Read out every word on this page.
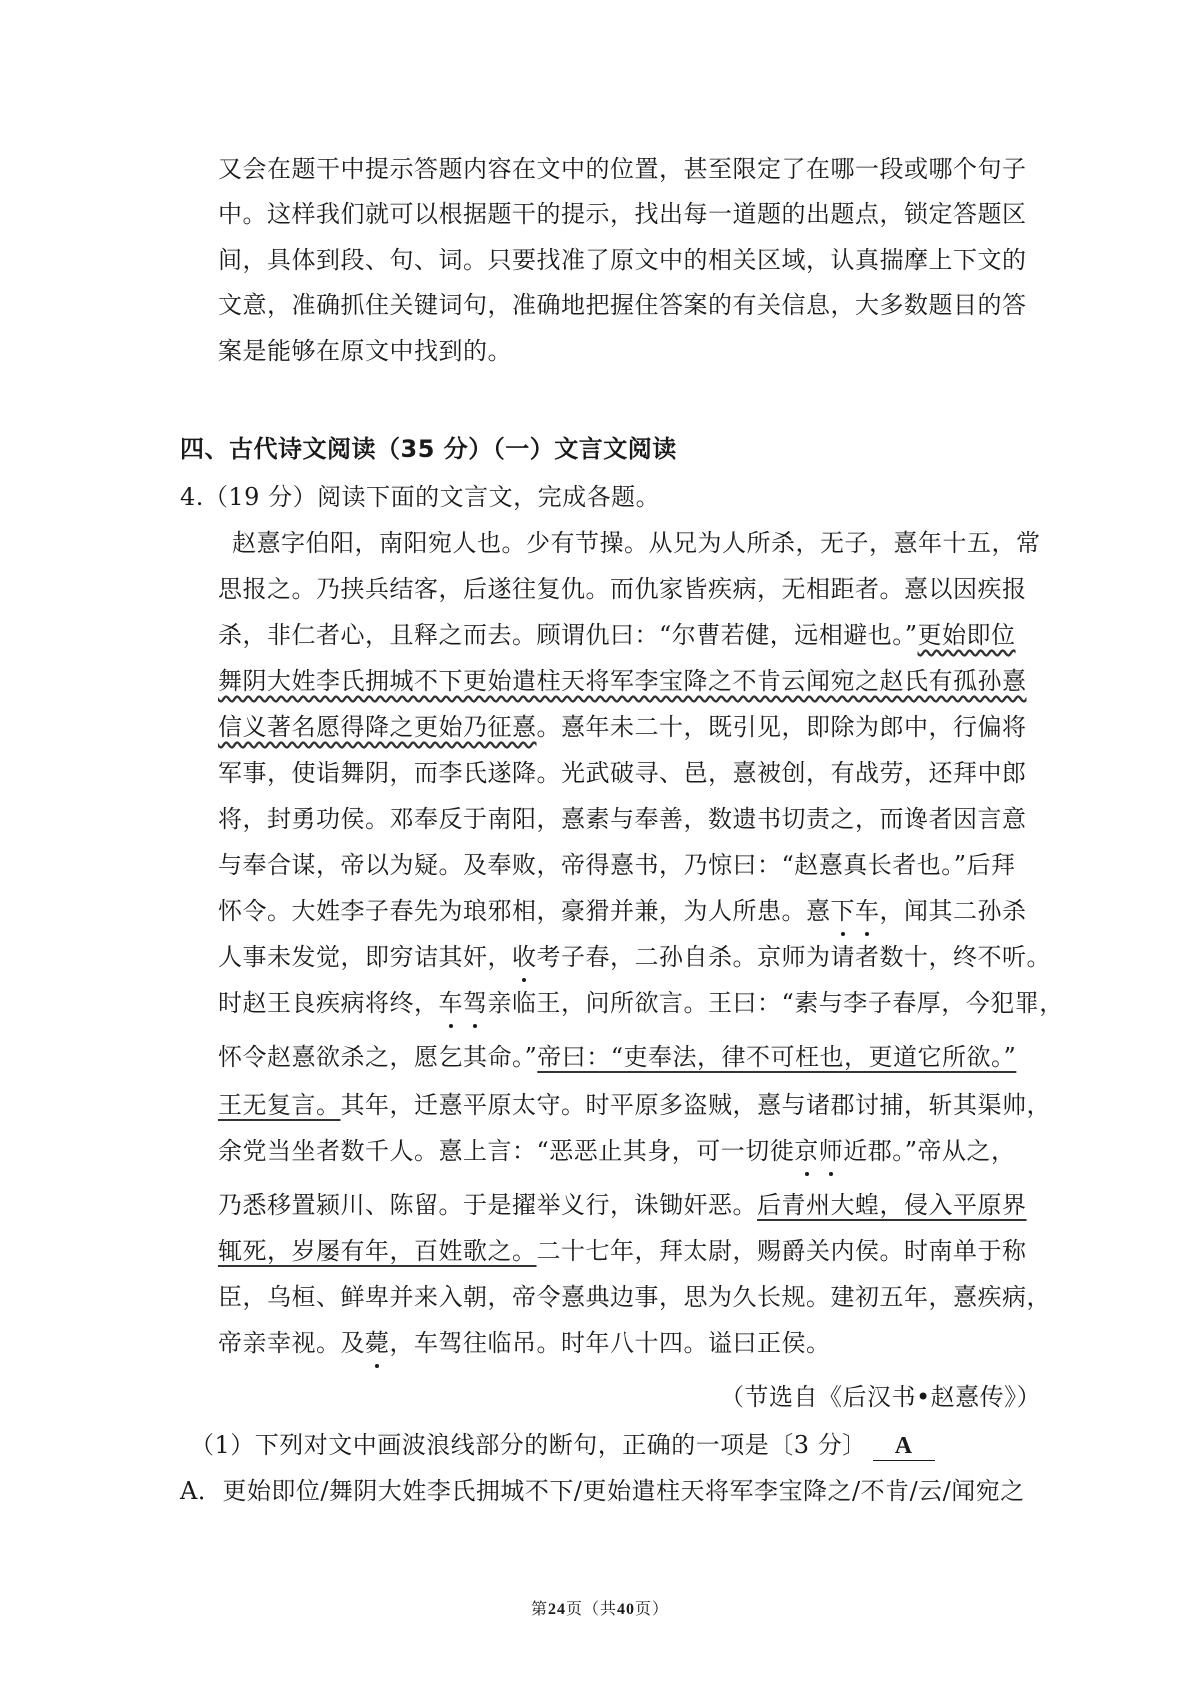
又会在题干中提示答题内容在文中的位置，甚至限定了在哪一段或哪个句子
中。这样我们就可以根据题干的提示，找出每一道题的出题点，锁定答题区
间，具体到段、句、词。只要找准了原文中的相关区域，认真揣摩上下文的
文意，准确抓住关键词句，准确地把握住答案的有关信息，大多数题目的答
案是能够在原文中找到的。
四、古代诗文阅读（35 分）（一）文言文阅读
4.（19 分）阅读下面的文言文，完成各题。
赵憙字伯阳，南阳宛人也。少有节操。从兄为人所杀，无子，憙年十五，常
思报之。乃挟兵结客，后遂往复仇。而仇家皆疾病，无相距者。憙以因疾报
杀，非仁者心，且释之而去。顾谓仇曰：“尔曹若健，远相避也。”更始即位
舞阴大姓李氏拥城不下更始遣柱天将军李宝降之不肯云闻宛之赵氏有孤孙憙
信义著名愿得降之更始乃征憙。憙年未二十，既引见，即除为郎中，行偏将
军事，使诣舞阴，而李氏遂降。光武破寻、邑，憙被创，有战劳，还拜中郎
将，封勇功侯。邓奉反于南阳，憙素与奉善，数遗书切责之，而谗者因言意
与奉合谋，帝以为疑。及奉败，帝得憙书，乃惊曰：“赵憙真长者也。”后拜
怀令。大姓李子春先为琅邪相，豪猾并兼，为人所患。憙下车，闻其二孙杀
人事未发觉，即穷诘其奸，收考子春，二孙自杀。京师为请者数十，终不听。
时赵王良疾病将终，车驾亲临王，问所欲言。王曰：“素与李子春厚，今犯罪，
怀令赵憙欲杀之，愿乞其命。”帝曰：“吏奉法，律不可枉也，更道它所欲。”
王无复言。其年，迁憙平原太守。时平原多盗贼，憙与诸郡讨捕，斩其渠帅，
余党当坐者数千人。憙上言：“恶恶止其身，可一切徙京师近郡。”帝从之，
乃悉移置颍川、陈留。于是擢举义行，诛锄奸恶。后青州大蝗，侵入平原界
辄死，岁屡有年，百姓歌之。二十七年，拜太尉，赐爵关内侯。时南单于称
臣，乌桓、鲜卑并来入朝，帝令憙典边事，思为久长规。建初五年，憙疾病，
帝亲幸视。及薨，车驾往临吊。时年八十四。谥曰正侯。
（节选自《后汉书•赵憙传》）
（1）下列对文中画波浪线部分的断句，正确的一项是〔3 分〕 A
A．更始即位/舞阴大姓李氏拥城不下/更始遣柱天将军李宝降之/不肯/云/闻宛之
第24页（共40页）
